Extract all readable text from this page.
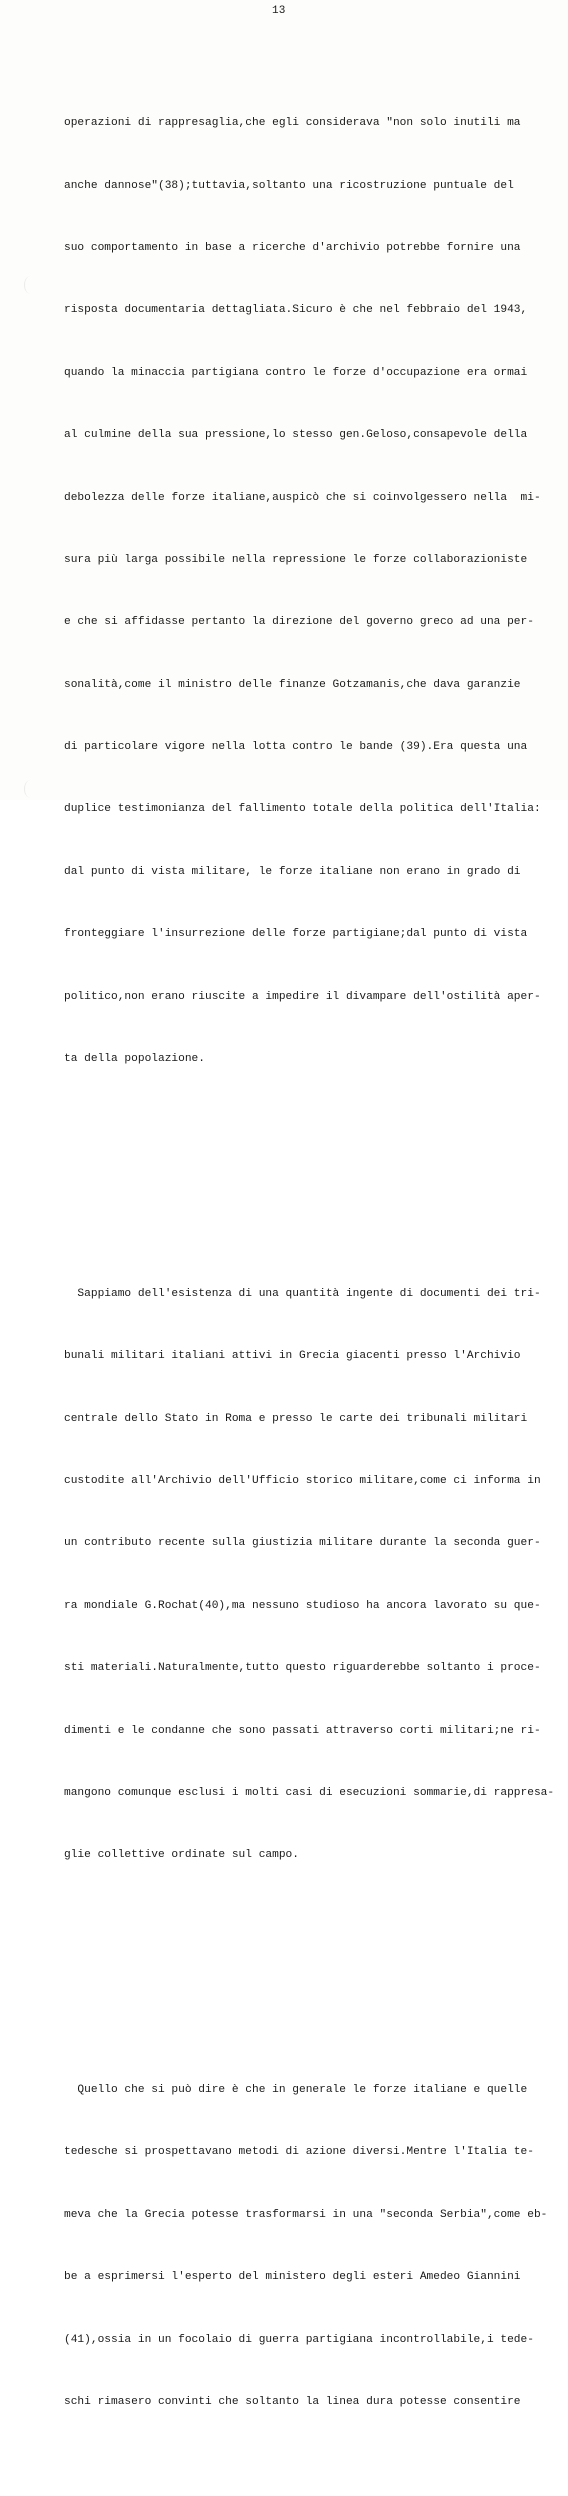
13

operazioni di rappresaglia,che egli considerava "non solo inutili ma

anche dannose"(38);tuttavia,soltanto una ricostruzione puntuale del

suo comportamento in base a ricerche d'archivio potrebbe fornire una

risposta documentaria dettagliata.Sicuro è che nel febbraio del 1943,

quando la minaccia partigiana contro le forze d'occupazione era ormai

al culmine della sua pressione,lo stesso gen.Geloso,consapevole della

debolezza delle forze italiane,auspicò che si coinvolgessero nella  mi-

sura più larga possibile nella repressione le forze collaborazioniste

e che si affidasse pertanto la direzione del governo greco ad una per-

sonalità,come il ministro delle finanze Gotzamanis,che dava garanzie

di particolare vigore nella lotta contro le bande (39).Era questa una

duplice testimonianza del fallimento totale della politica dell'Italia:

dal punto di vista militare, le forze italiane non erano in grado di

fronteggiare l'insurrezione delle forze partigiane;dal punto di vista

politico,non erano riuscite a impedire il divampare dell'ostilità aper-

ta della popolazione.

Sappiamo dell'esistenza di una quantità ingente di documenti dei tri-

bunali militari italiani attivi in Grecia giacenti presso l'Archivio

centrale dello Stato in Roma e presso le carte dei tribunali militari

custodite all'Archivio dell'Ufficio storico militare,come ci informa in

un contributo recente sulla giustizia militare durante la seconda guer-

ra mondiale G.Rochat(40),ma nessuno studioso ha ancora lavorato su que-

sti materiali.Naturalmente,tutto questo riguarderebbe soltanto i proce-

dimenti e le condanne che sono passati attraverso corti militari;ne ri-

mangono comunque esclusi i molti casi di esecuzioni sommarie,di rappresa-

glie collettive ordinate sul campo.

Quello che si può dire è che in generale le forze italiane e quelle

tedesche si prospettavano metodi di azione diversi.Mentre l'Italia te-

meva che la Grecia potesse trasformarsi in una "seconda Serbia",come eb-

be a esprimersi l'esperto del ministero degli esteri Amedeo Giannini

(41),ossia in un focolaio di guerra partigiana incontrollabile,i tede-

schi rimasero convinti che soltanto la linea dura potesse consentire
